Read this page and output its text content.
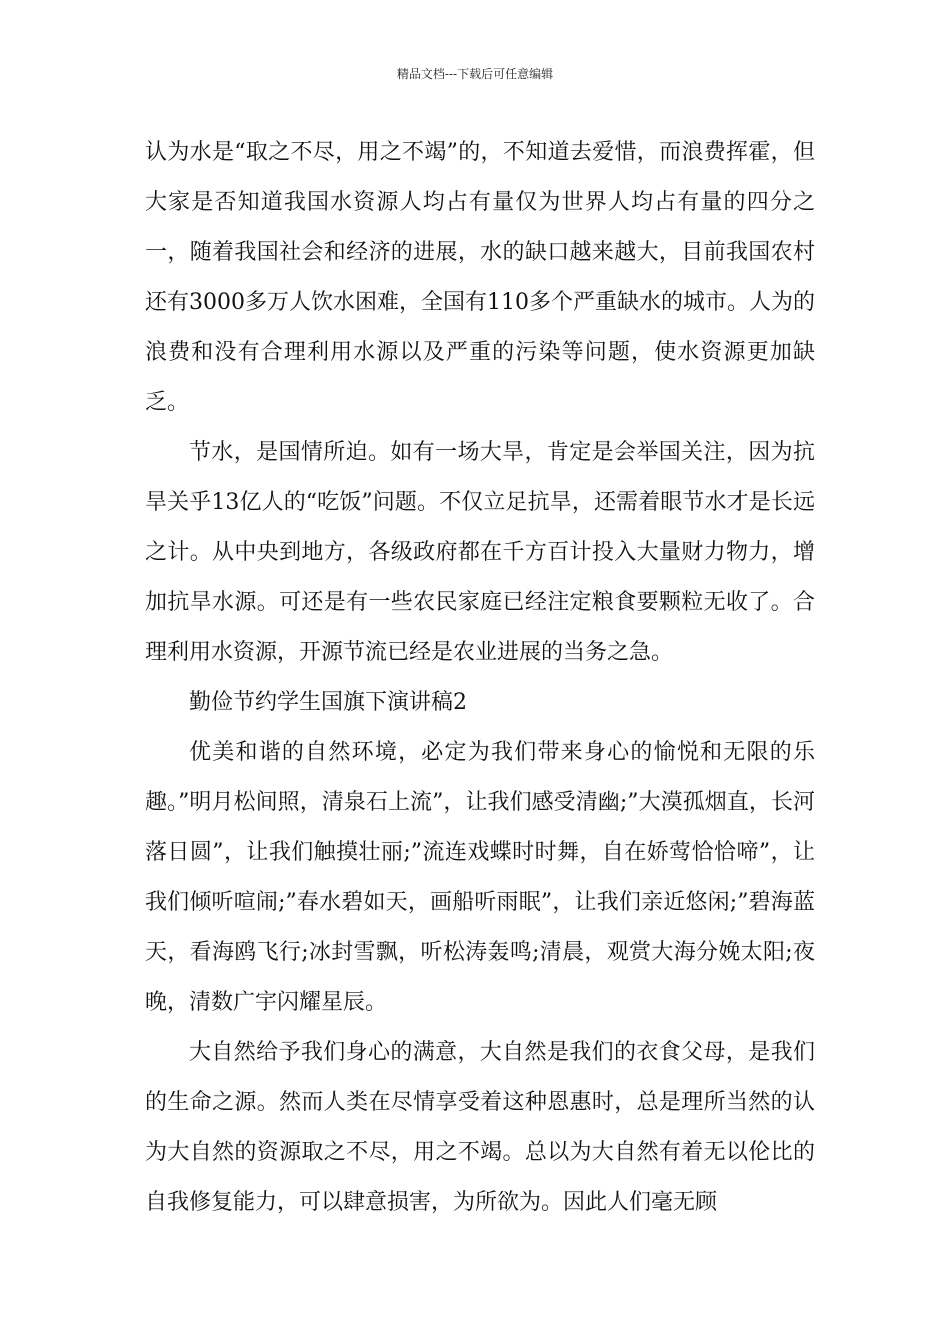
精品文档---下载后可任意编辑

认为水是“取之不尽，用之不竭”的，不知道去爱惜，而浪费挥霍，但大家是否知道我国水资源人均占有量仅为世界人均占有量的四分之一，随着我国社会和经济的进展，水的缺口越来越大，目前我国农村还有3000多万人饮水困难，全国有110多个严重缺水的城市。人为的浪费和没有合理利用水源以及严重的污染等问题，使水资源更加缺乏。

节水，是国情所迫。如有一场大旱，肯定是会举国关注，因为抗旱关乎13亿人的“吃饭”问题。不仅立足抗旱，还需着眼节水才是长远之计。从中央到地方，各级政府都在千方百计投入大量财力物力，增加抗旱水源。可还是有一些农民家庭已经注定粮食要颗粒无收了。合理利用水资源，开源节流已经是农业进展的当务之急。

勤俭节约学生国旗下演讲稿2

优美和谐的自然环境，必定为我们带来身心的愉悦和无限的乐趣。”明月松间照，清泉石上流”，让我们感受清幽;”大漠孤烟直，长河落日圆”，让我们触摸壮丽;”流连戏蝶时时舞，自在娇莺恰恰啼”，让我们倾听喧闹;”春水碧如天，画船听雨眠”，让我们亲近悠闲;”碧海蓝天，看海鸥飞行;冰封雪飘，听松涛轰鸣;清晨，观赏大海分娩太阳;夜晚，清数广宇闪耀星辰。

大自然给予我们身心的满意，大自然是我们的衣食父母，是我们的生命之源。然而人类在尽情享受着这种恩惠时，总是理所当然的认为大自然的资源取之不尽，用之不竭。总以为大自然有着无以伦比的自我修复能力，可以肆意损害，为所欲为。因此人们毫无顾
